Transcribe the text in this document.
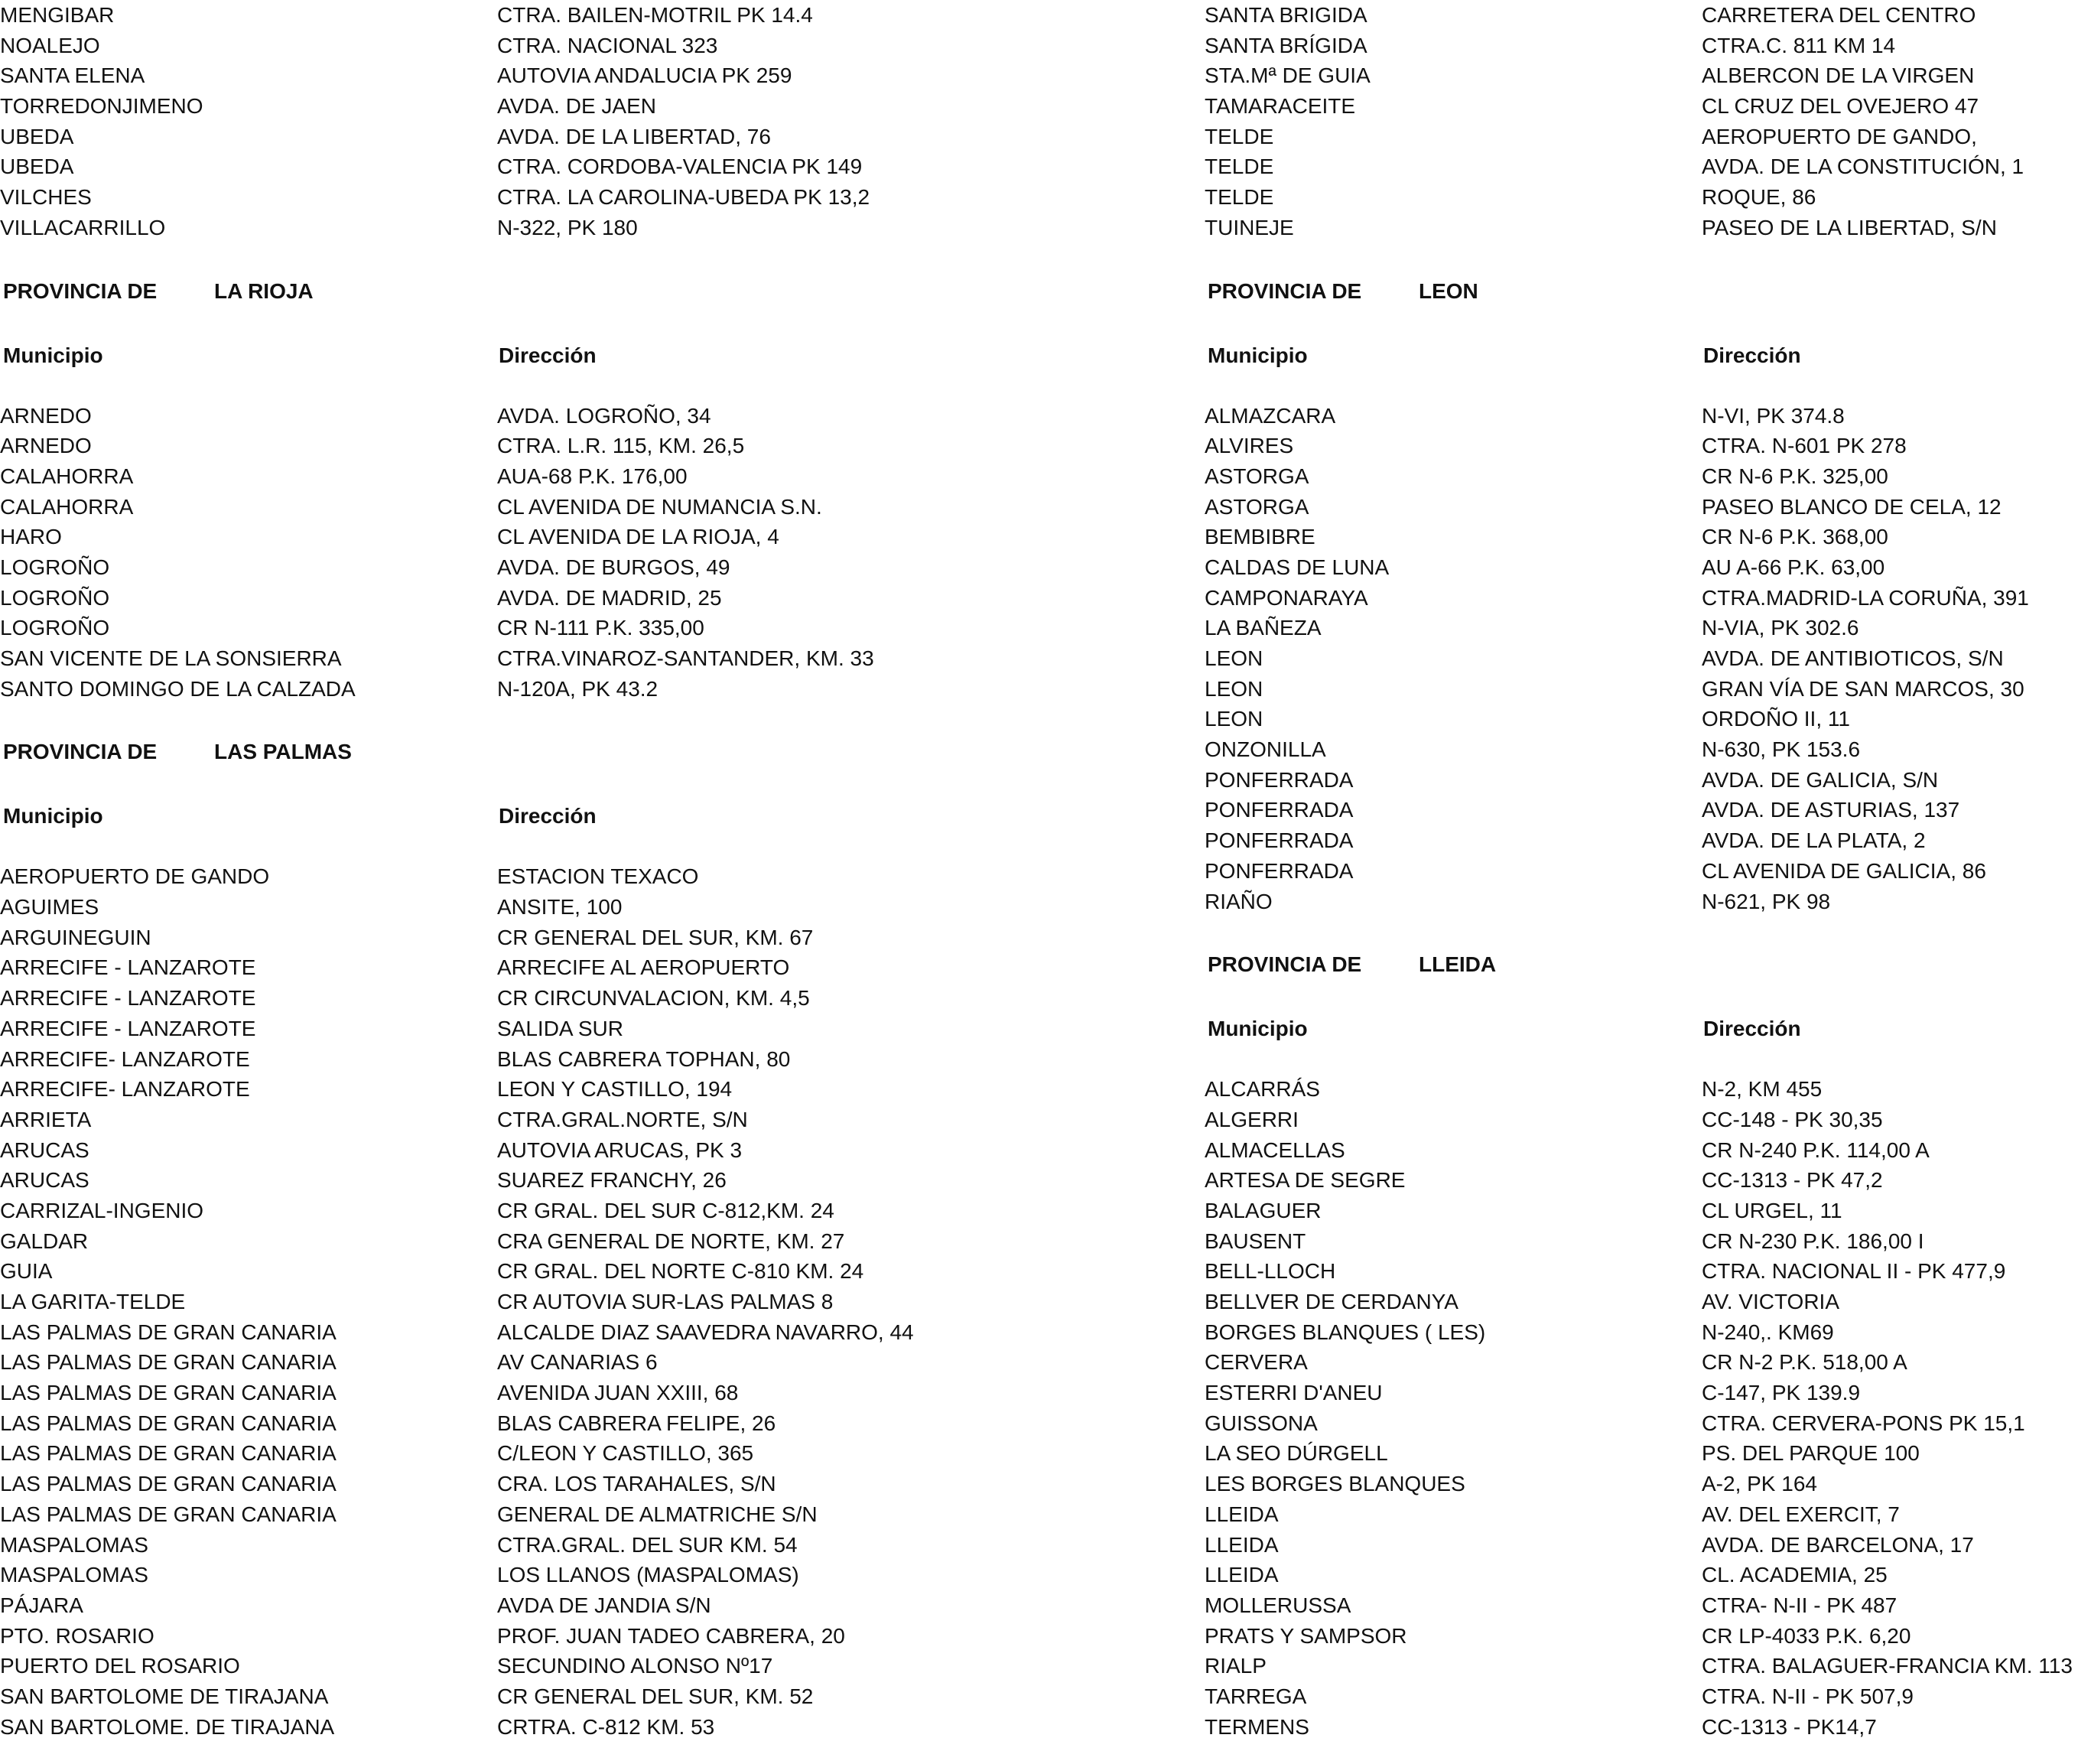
MENGIBAR	CTRA. BAILEN-MOTRIL PK 14.4
NOALEJO	CTRA. NACIONAL 323
SANTA ELENA	AUTOVIA ANDALUCIA PK 259
TORREDONJIMENO	AVDA. DE JAEN
UBEDA	AVDA. DE LA LIBERTAD, 76
UBEDA	CTRA. CORDOBA-VALENCIA PK 149
VILCHES	CTRA. LA CAROLINA-UBEDA PK 13,2
VILLACARRILLO	N-322, PK 180
PROVINCIA DE	LA RIOJA
Municipio	Dirección
ARNEDO	AVDA. LOGROÑO, 34
ARNEDO	CTRA. L.R. 115, KM. 26,5
CALAHORRA	AUA-68 P.K. 176,00
CALAHORRA	CL AVENIDA DE NUMANCIA S.N.
HARO	CL AVENIDA DE LA RIOJA, 4
LOGROÑO	AVDA. DE BURGOS, 49
LOGROÑO	AVDA. DE MADRID, 25
LOGROÑO	CR N-111 P.K. 335,00
SAN VICENTE DE LA SONSIERRA	CTRA.VINAROZ-SANTANDER, KM. 33
SANTO DOMINGO DE LA CALZADA	N-120A, PK 43.2
PROVINCIA DE	LAS PALMAS
Municipio	Dirección
AEROPUERTO DE GANDO	ESTACION TEXACO
AGUIMES	ANSITE, 100
ARGUINEGUIN	CR GENERAL DEL SUR, KM. 67
ARRECIFE - LANZAROTE	ARRECIFE AL AEROPUERTO
ARRECIFE - LANZAROTE	CR CIRCUNVALACION, KM. 4,5
ARRECIFE - LANZAROTE	SALIDA SUR
ARRECIFE- LANZAROTE	BLAS CABRERA TOPHAN, 80
ARRECIFE- LANZAROTE	LEON Y CASTILLO, 194
ARRIETA	CTRA.GRAL.NORTE, S/N
ARUCAS	AUTOVIA ARUCAS, PK 3
ARUCAS	SUAREZ FRANCHY, 26
CARRIZAL-INGENIO	CR GRAL. DEL SUR C-812,KM. 24
GALDAR	CRA GENERAL DE NORTE, KM. 27
GUIA	CR GRAL. DEL NORTE C-810 KM. 24
LA GARITA-TELDE	CR AUTOVIA SUR-LAS PALMAS 8
LAS PALMAS DE GRAN CANARIA	ALCALDE DIAZ SAAVEDRA NAVARRO, 44
LAS PALMAS DE GRAN CANARIA	AV CANARIAS 6
LAS PALMAS DE GRAN CANARIA	AVENIDA JUAN XXIII, 68
LAS PALMAS DE GRAN CANARIA	BLAS CABRERA FELIPE, 26
LAS PALMAS DE GRAN CANARIA	C/LEON Y CASTILLO, 365
LAS PALMAS DE GRAN CANARIA	CRA. LOS TARAHALES, S/N
LAS PALMAS DE GRAN CANARIA	GENERAL DE ALMATRICHE S/N
MASPALOMAS	CTRA.GRAL. DEL SUR KM. 54
MASPALOMAS	LOS LLANOS (MASPALOMAS)
PÁJARA	AVDA DE JANDIA S/N
PTO. ROSARIO	PROF. JUAN TADEO CABRERA, 20
PUERTO DEL ROSARIO	SECUNDINO ALONSO Nº17
SAN BARTOLOME DE TIRAJANA	CR GENERAL DEL SUR, KM. 52
SAN BARTOLOME. DE TIRAJANA	CRTRA. C-812 KM. 53
SANTA BRIGIDA	CARRETERA DEL CENTRO
SANTA BRÍGIDA	CTRA.C. 811 KM 14
STA.Mª DE GUIA	ALBERCON DE LA VIRGEN
TAMARACEITE	CL CRUZ DEL OVEJERO 47
TELDE	AEROPUERTO DE GANDO,
TELDE	AVDA. DE LA CONSTITUCIÓN, 1
TELDE	ROQUE, 86
TUINEJE	PASEO DE LA LIBERTAD, S/N
PROVINCIA DE	LEON
Municipio	Dirección
ALMAZCARA	N-VI, PK 374.8
ALVIRES	CTRA. N-601 PK 278
ASTORGA	CR N-6 P.K. 325,00
ASTORGA	PASEO BLANCO DE CELA, 12
BEMBIBRE	CR N-6 P.K. 368,00
CALDAS DE LUNA	AU A-66 P.K. 63,00
CAMPONARAYA	CTRA.MADRID-LA CORUÑA, 391
LA BAÑEZA	N-VIA, PK 302.6
LEON	AVDA. DE ANTIBIOTICOS, S/N
LEON	GRAN VÍA DE SAN MARCOS, 30
LEON	ORDOÑO II, 11
ONZONILLA	N-630, PK 153.6
PONFERRADA	AVDA. DE GALICIA, S/N
PONFERRADA	AVDA. DE ASTURIAS, 137
PONFERRADA	AVDA. DE LA PLATA, 2
PONFERRADA	CL AVENIDA DE GALICIA, 86
RIAÑO	N-621, PK 98
PROVINCIA DE	LLEIDA
Municipio	Dirección
ALCARRÁS	N-2, KM 455
ALGERRI	CC-148 - PK 30,35
ALMACELLAS	CR N-240 P.K. 114,00 A
ARTESA DE SEGRE	CC-1313 - PK 47,2
BALAGUER	CL URGEL, 11
BAUSENT	CR N-230 P.K. 186,00 I
BELL-LLOCH	CTRA. NACIONAL II - PK 477,9
BELLVER DE CERDANYA	AV. VICTORIA
BORGES BLANQUES ( LES)	N-240,. KM69
CERVERA	CR N-2 P.K. 518,00 A
ESTERRI D'ANEU	C-147, PK 139.9
GUISSONA	CTRA. CERVERA-PONS PK 15,1
LA SEO DÚRGELL	PS. DEL PARQUE 100
LES BORGES BLANQUES	A-2, PK 164
LLEIDA	AV. DEL EXERCIT, 7
LLEIDA	AVDA. DE BARCELONA, 17
LLEIDA	CL. ACADEMIA, 25
MOLLERUSSA	CTRA- N-II - PK 487
PRATS Y SAMPSOR	CR LP-4033 P.K. 6,20
RIALP	CTRA. BALAGUER-FRANCIA KM. 113
TARREGA	CTRA. N-II - PK 507,9
TERMENS	CC-1313 - PK14,7
